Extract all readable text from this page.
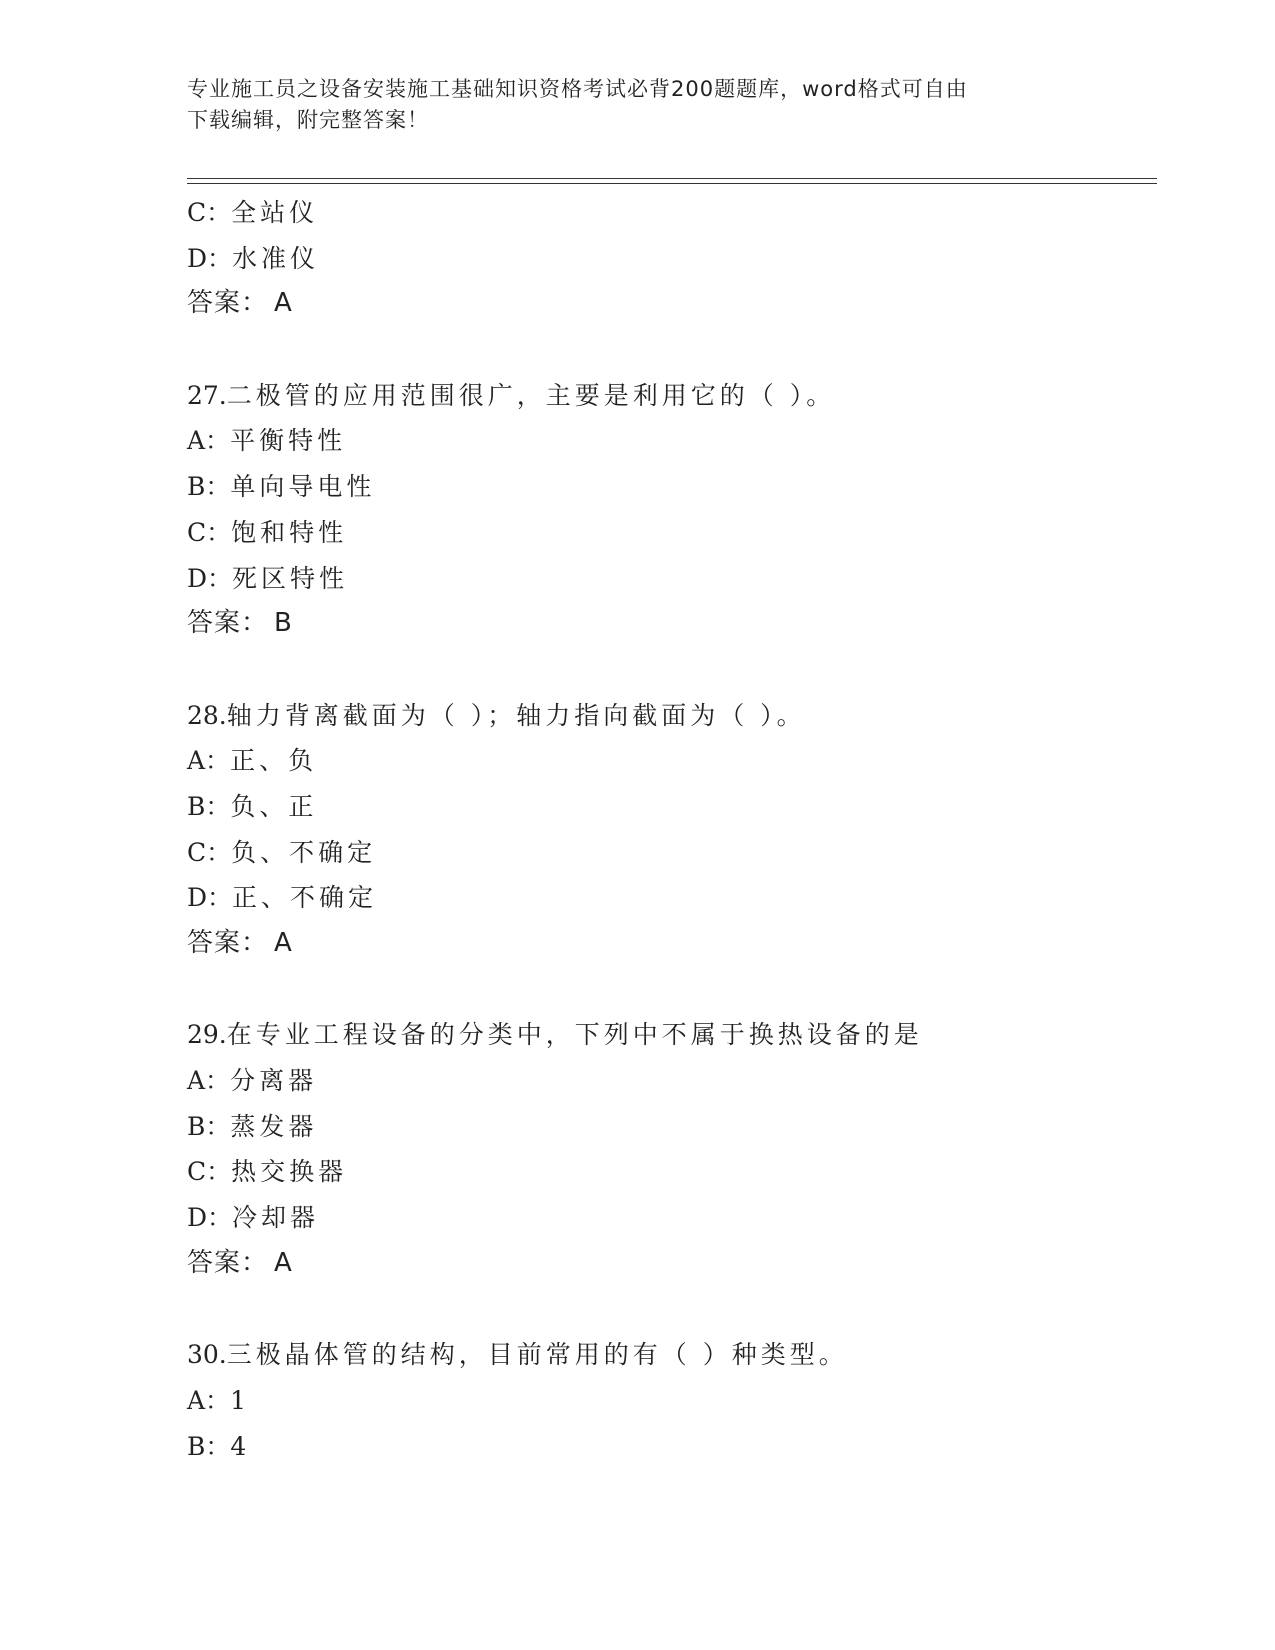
专业施工员之设备安装施工基础知识资格考试必背200题题库，word格式可自由
下载编辑，附完整答案！
C：全站仪
D：水准仪
答案： A
27.二极管的应用范围很广，主要是利用它的（ ）。
A：平衡特性
B：单向导电性
C：饱和特性
D：死区特性
答案： B
28.轴力背离截面为（ ）；轴力指向截面为（ ）。
A：正、负
B：负、正
C：负、不确定
D：正、不确定
答案： A
29.在专业工程设备的分类中，下列中不属于换热设备的是
A：分离器
B：蒸发器
C：热交换器
D：冷却器
答案： A
30.三极晶体管的结构，目前常用的有（ ）种类型。
A：1
B：4
